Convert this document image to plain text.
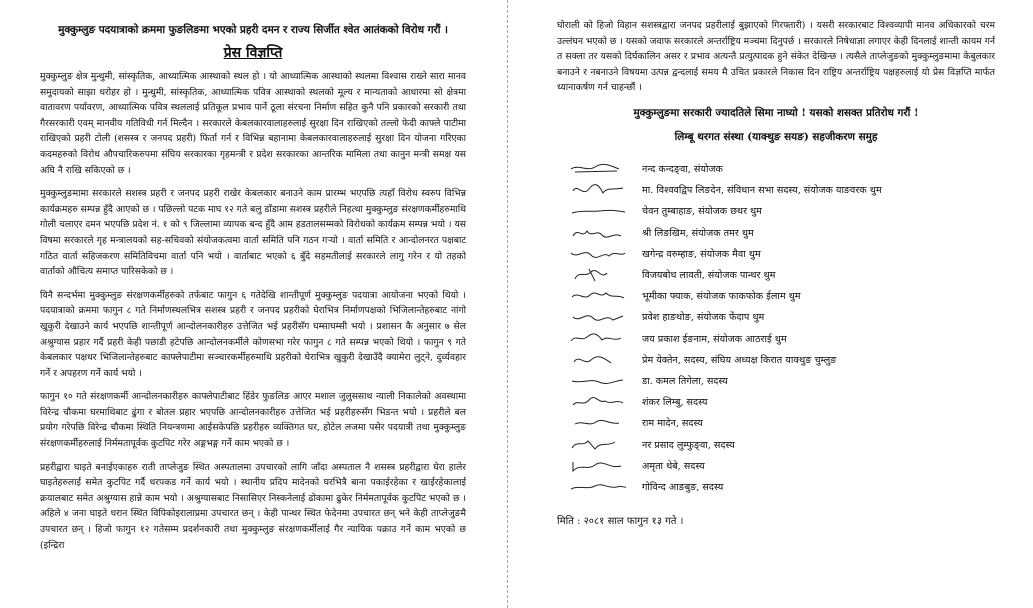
मुक्कुम्लुङ पदयात्राको क्रममा फुङलिङमा भएको प्रहरी दमन र राज्य सिर्जीत श्वेत आतंकको विरोध गरौं ।
प्रेस विज्ञप्ति

मुक्कुम्लुङ क्षेत्र मुन्धुमी, सांस्कृतिक, आध्यात्मिक आस्थाको स्थल हो । यो आध्यात्मिक आस्थाको स्थलमा विश्वास राख्ने सारा मानव समुदायको साझा धरोहर हो । मुन्धुमी, सांस्कृतिक, आध्यात्मिक पवित्र आस्थाको स्थलको मूल्य र मान्यताको आधारमा सो क्षेत्रमा वातावरण पर्यावरण, आध्यात्मिक पवित्र स्थललाई प्रतिकूल प्रभाव पार्ने ठूला संरचना निर्माण सहित कुनै पनि प्रकारको सरकारी तथा गैरसरकारी एवम् मानवीय गतिविधी गर्न मिल्दैन । सरकारले केबलकारवालाहरुलाई सुरक्षा दिन राखिएको तल्लो फेदी काफ्ले पाटीमा राखिएको प्रहरी टोली (शसस्त्र र जनपद प्रहरी) फिर्ता गर्न र विभिन्न बहानामा केबलकारवालाहरुलाई सुरक्षा दिन योजना गरिएका कदमहरुको विरोध औपचारिकरुपमा संघिय सरकारका गृहमन्त्री र प्रदेश सरकारका आन्तरिक मामिला तथा कानुन मन्त्री समक्ष यस अघि नै राखि सकिएको छ ।

मुक्कुम्लुङमामा सरकारले सशस्त्र प्रहरी र जनपद प्रहरी राखेर केबलकार बनाउने काम प्रारम्भ भएपछि त्यहाँ विरोध स्वरुप विभिन्न कार्यक्रमहरु सम्पन्न हुँदै आएको छ । पछिल्लो पटक माघ १२ गते बलु डाँडामा सशस्त्र प्रहरीले निहत्था मुक्कुम्लुङ संरक्षणकर्मीहरुमाथि गोली चलाएर दमन भएपछि प्रदेश नं. १ को ९ जिल्लामा व्यापक बन्द हुँदै आम हडतालसम्मको विरोधको कार्यक्रम सम्पन्न भयो । यस विषमा सरकारले गृह मन्त्रालयको सह-सचिवको संयोजकत्वमा वार्ता समिति पनि गठन गर्‍यो । वार्ता समिति र आन्दोलनरत पक्षबाट गठित वार्ता सहिजकरण समितिविचमा वार्ता पनि भयो । वार्ताबाट भएको ६ बुँदे सहमतीलाई सरकारले लागु गरेन र यो तहको वार्ताको औचित्य समाप्त पारिसकेको छ ।

यिनै सन्दर्भमा मुक्कुम्लुङ संरक्षणकर्मीहरुको तर्फबाट फागुन ६ गतेदेखि शान्तीपूर्ण मुक्कुम्लुङ पदयात्रा आयोजना भएको थियो । पदयात्राको क्रममा फागुन ८ गते निर्माणस्थलभित्र सशस्त्र प्रहरी र जनपद प्रहरीको घेराभित्र निर्माणपक्षको भिजिलान्तेहरुबाट नांगो खुकुरी देखाउने कार्य भएपछि शान्तीपूर्ण आन्दोलनकारीहरु उत्तेजित भई प्रहरीसँग घम्साघम्सी भयो । प्रशासन कै अनुसार ७ सेल अश्रुग्यास प्रहार गर्दै प्रहरी केही पछाडी हटेपछि आन्दोलनकर्मीले कोणसभा गरेर फागुन ८ गते सम्पन्न भएको थियो । फागुन ९ गते केबलकार पक्षधर भिजिलान्तेहरुबाट काफ्लेपाटीमा सञ्चारकर्मीहरुमाथि प्रहरीको घेराभित्र खुकुरी देखाउँदै क्यामेरा लुट्ने, दुर्व्यवहार गर्ने र अपहरण गर्ने कार्य भयो ।

फागुन १० गते संरक्षणकर्मी आन्दोलनकारीहरु काफ्लेपाटीबाट हिंडेर फुङलिङ आएर मशाल जुलुससाथ न्याली निकालेको अवस्थामा विरेन्द्र चौकमा घरमाथिबाट ढुंगा र बोतल प्रहार भएपछि आन्दोलनकारीहरु उत्तेजित भई प्रहरीहरुसँग भिडन्त भयो । प्रहरीले बल प्रयोग गरेपछि विरेन्द्र चौकमा स्थिति नियन्त्रणमा आईसकेपछि प्रहरीहरु व्यक्तिगत घर, होटेल लजमा पसेर पदयात्री तथा मुक्कुम्लुङ संरक्षणकर्मीहरुलाई निर्ममतापूर्वक कुटपिट गरेर अङ्गभङ्ग गर्ने काम भएको छ ।

प्रहरीद्वारा घाइते बनाईएकाहरु राती ताप्लेजुङ स्थित अस्पतालमा उपचारको लागि जाँदा अस्पताल नै शसस्त्र प्रहरीद्वारा घेरा हालेर घाइतेहरुलाई समेत कुटपिट गर्दै धरपकड गर्ने कार्य भयो । स्थानीय प्रदिप मादेनको घरभित्रै बाना पकाईरहेका र खाईरहेकालाई क्रयालबाट समेत अश्रुग्यास हान्ने काम भयो । अश्रुग्यासबाट निसासिएर निस्कनेलाई ढोकामा ढुकेर निर्ममतापूर्वक कुटपिट भएको छ । अहिले ४ जना घाइते धरान स्थित विपिकोइरालाप्रमा उपचारत छन् । केही पान्थर स्थित फेदेनमा उपचारत छन् भने केही ताप्लेजुङमै उपचारत छन् । हिजो फागुन १२ गतेसम्म प्रदर्शनकारी तथा मुक्कुम्लुङ संरक्षणकर्मीलाई गैर न्यायिक पक्राउ गर्ने काम भएको छ (इन्द्रिरा

घोराली को हिजो विहान सशस्त्रद्वारा जनपद प्रहरीलाई बुझाएको गिरफ्तारी) । यसरी सरकारबाट विश्वव्यापी मानव अधिकारको चरम उल्लंघन भएको छ । यसको जवाफ सरकारले अन्तर्राष्ट्रिय मञ्चमा दिनुपर्छ । सरकारले निषेधाज्ञा लगाएर केही दिनलाई शान्ती कायम गर्न त सक्ला तर यसको दिर्घकालिन असर र प्रभाव अत्यन्तै प्रत्युत्पादक हुने संकेत देखिन्छ । त्यसैले ताप्लेजुङको मुक्कुम्लुङमामा केबुलकार बनाउने र नबनाउने विषयमा उत्पन्न द्वन्दलाई समय मै उचित प्रकारले निकास दिन राष्ट्रिय अन्तर्राष्ट्रिय पक्षहरुलाई यो प्रेस विज्ञप्ति मार्फत ध्यानाकर्षण गर्न चाहन्छौं ।

मुक्कुम्लुङमा सरकारी ज्यादतिले सिमा नाघ्यो ! यसको शसक्त प्रतिरोध गरौं !
लिम्बू थरगत संस्था (याक्थुङ सयङ) सहजीकरण समुह
नन्द कन्दङ्वा, संयोजक
मा. विश्ववद्विप लिङदेन, संविधान सभा सदस्य, संयोजक याङवरक थुम
चेवन तुम्बाहाङ, संयोजक छथर थुम
श्री लिङखिम, संयोजक तमर थुम
खगेन्द्र वरुम्हाङ, संयोजक मैवा थुम
विजयबोध लावती, संयोजक पान्थर थुम
भूमीका फ्याक, संयोजक फाकफोक ईलाम थुम
प्रवेश हाङथोङ, संयोजक फेंदाप थुम
जय प्रकाश ईङनाम, संयोजक आठराई थुम
प्रेम येक्तेन, सदस्य, संघिय अध्यक्ष किरात याक्थुङ चुम्लुङ
डा. कमल तिगेला, सदस्य
शंकर लिम्बु, सदस्य
राम मादेन, सदस्य
नर प्रसाद लुम्फुङ्वा, सदस्य
अमृता थेबे, सदस्य
गोविन्द आङबुङ, सदस्य
मिति : २०८१ साल फागुन १३ गते ।
